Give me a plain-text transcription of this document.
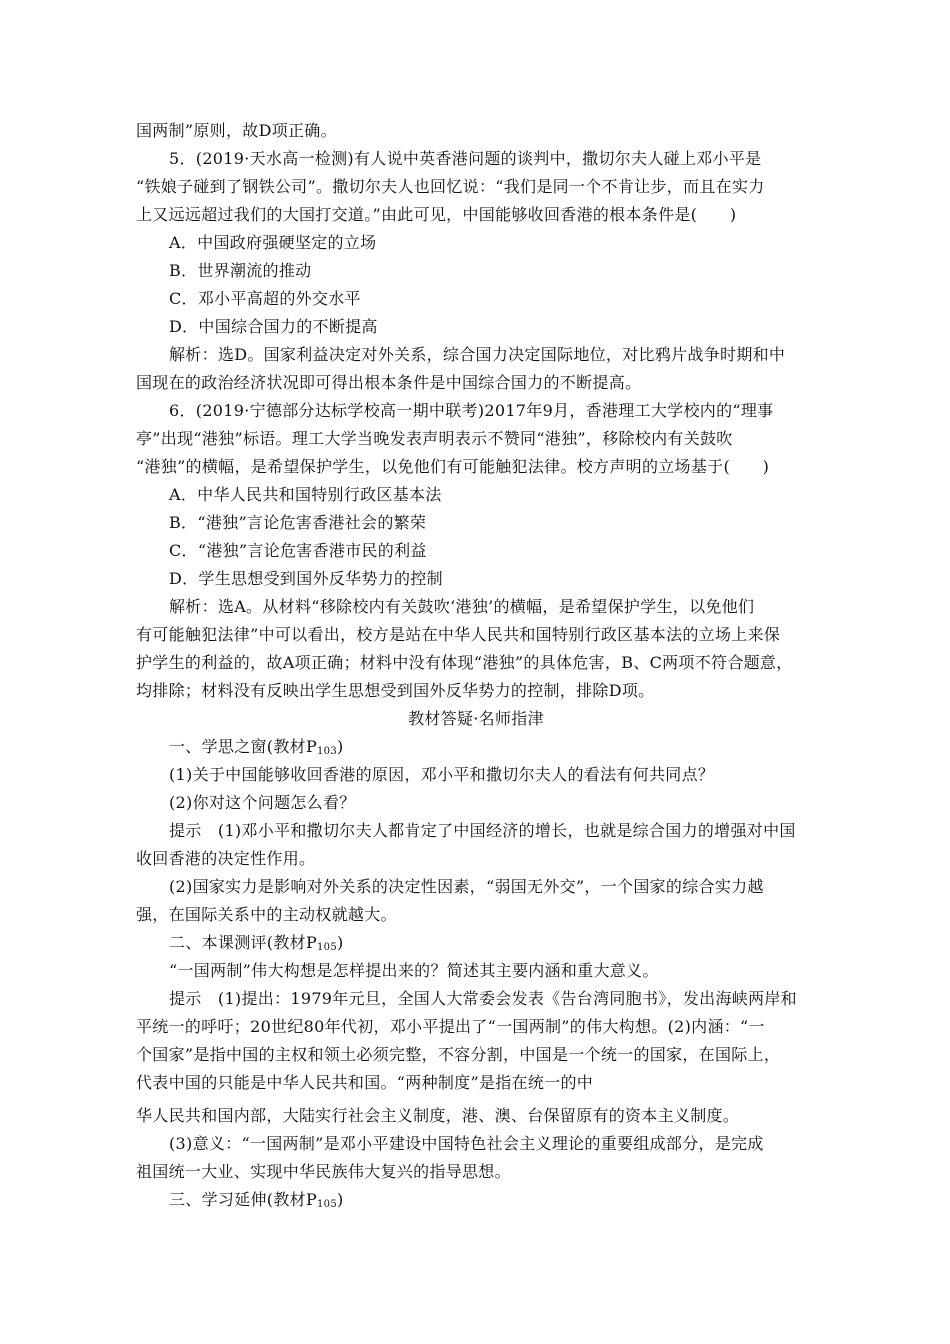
国两制”原则，故D项正确。
5．(2019·天水高一检测)有人说中英香港问题的谈判中，撒切尔夫人碰上邓小平是
“铁娘子碰到了钢铁公司”。撒切尔夫人也回忆说：“我们是同一个不肯让步，而且在实力
上又远远超过我们的大国打交道。”由此可见，中国能够收回香港的根本条件是(　　)
A．中国政府强硬坚定的立场
B．世界潮流的推动
C．邓小平高超的外交水平
D．中国综合国力的不断提高
解析：选D。国家利益决定对外关系，综合国力决定国际地位，对比鸦片战争时期和中
国现在的政治经济状况即可得出根本条件是中国综合国力的不断提高。
6．(2019·宁德部分达标学校高一期中联考)2017年9月，香港理工大学校内的“理事
亭”出现“港独”标语。理工大学当晚发表声明表示不赞同“港独”，移除校内有关鼓吹
“港独”的横幅，是希望保护学生，以免他们有可能触犯法律。校方声明的立场基于(　　)
A．中华人民共和国特别行政区基本法
B．“港独”言论危害香港社会的繁荣
C．“港独”言论危害香港市民的利益
D．学生思想受到国外反华势力的控制
解析：选A。从材料“移除校内有关鼓吹‘港独’的横幅，是希望保护学生，以免他们
有可能触犯法律”中可以看出，校方是站在中华人民共和国特别行政区基本法的立场上来保
护学生的利益的，故A项正确；材料中没有体现“港独”的具体危害，B、C两项不符合题意，
均排除；材料没有反映出学生思想受到国外反华势力的控制，排除D项。
教材答疑·名师指津
一、学思之窗(教材$P_{103}$)
(1)关于中国能够收回香港的原因，邓小平和撒切尔夫人的看法有何共同点？
(2)你对这个问题怎么看？
提示　(1)邓小平和撒切尔夫人都肯定了中国经济的增长，也就是综合国力的增强对中国
收回香港的决定性作用。
(2)国家实力是影响对外关系的决定性因素，“弱国无外交”，一个国家的综合实力越
强，在国际关系中的主动权就越大。
二、本课测评(教材$P_{105}$)
“一国两制”伟大构想是怎样提出来的？简述其主要内涵和重大意义。
提示　(1)提出：1979年元旦，全国人大常委会发表《告台湾同胞书》，发出海峡两岸和
平统一的呼吁；20世纪80年代初，邓小平提出了“一国两制”的伟大构想。(2)内涵：“一
个国家”是指中国的主权和领土必须完整，不容分割，中国是一个统一的国家，在国际上，
代表中国的只能是中华人民共和国。“两种制度”是指在统一的中
华人民共和国内部，大陆实行社会主义制度，港、澳、台保留原有的资本主义制度。
(3)意义：“一国两制”是邓小平建设中国特色社会主义理论的重要组成部分，是完成
祖国统一大业、实现中华民族伟大复兴的指导思想。
三、学习延伸(教材$P_{105}$)
